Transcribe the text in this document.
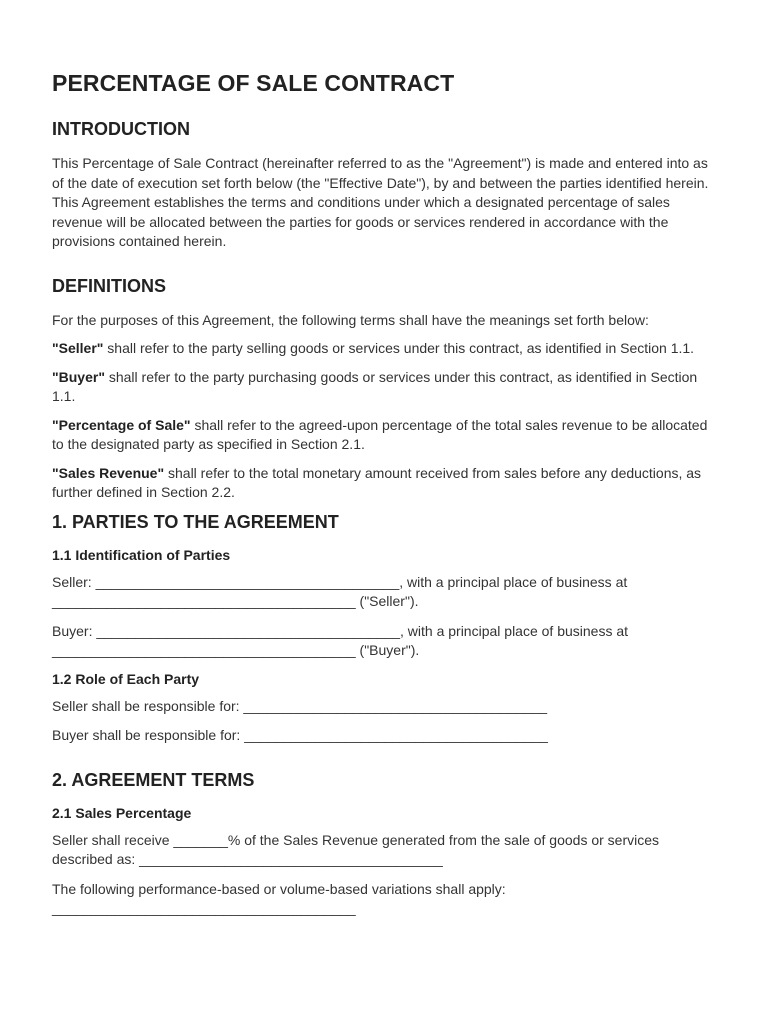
PERCENTAGE OF SALE CONTRACT
INTRODUCTION

This Percentage of Sale Contract (hereinafter referred to as the "Agreement") is made and entered into as of the date of execution set forth below (the "Effective Date"), by and between the parties identified herein. This Agreement establishes the terms and conditions under which a designated percentage of sales revenue will be allocated between the parties for goods or services rendered in accordance with the provisions contained herein.

DEFINITIONS

For the purposes of this Agreement, the following terms shall have the meanings set forth below:

"Seller" shall refer to the party selling goods or services under this contract, as identified in Section 1.1.

"Buyer" shall refer to the party purchasing goods or services under this contract, as identified in Section 1.1.

"Percentage of Sale" shall refer to the agreed-upon percentage of the total sales revenue to be allocated to the designated party as specified in Section 2.1.

"Sales Revenue" shall refer to the total monetary amount received from sales before any deductions, as further defined in Section 2.2.

1. PARTIES TO THE AGREEMENT
1.1 Identification of Parties

Seller: _______________________________________, with a principal place of business at _______________________________________ ("Seller").

Buyer: _______________________________________, with a principal place of business at _______________________________________ ("Buyer").

1.2 Role of Each Party

Seller shall be responsible for: _______________________________________

Buyer shall be responsible for: _______________________________________

2. AGREEMENT TERMS
2.1 Sales Percentage

Seller shall receive _______% of the Sales Revenue generated from the sale of goods or services described as: _______________________________________

The following performance-based or volume-based variations shall apply: _______________________________________
